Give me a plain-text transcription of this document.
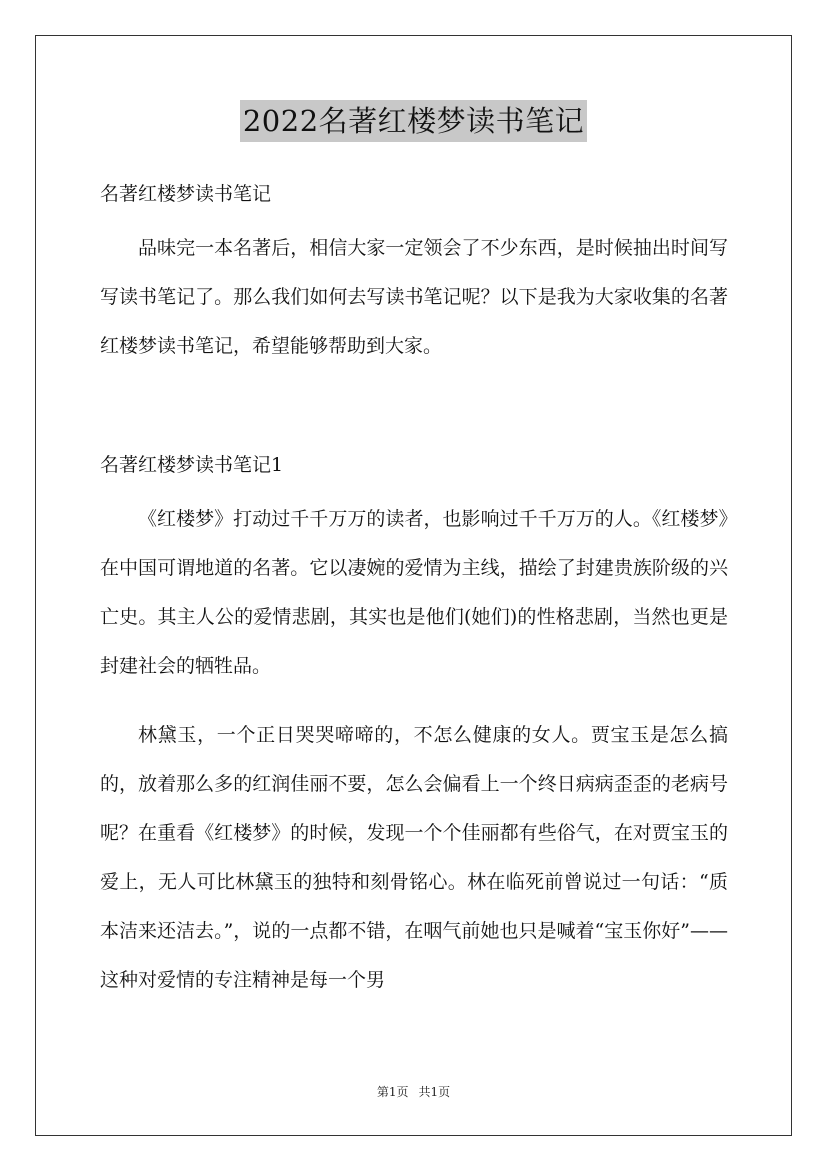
2022名著红楼梦读书笔记
名著红楼梦读书笔记

品味完一本名著后，相信大家一定领会了不少东西，是时候抽出时间写写读书笔记了。那么我们如何去写读书笔记呢？以下是我为大家收集的名著红楼梦读书笔记，希望能够帮助到大家。

名著红楼梦读书笔记1

《红楼梦》打动过千千万万的读者，也影响过千千万万的人。《红楼梦》在中国可谓地道的名著。它以凄婉的爱情为主线，描绘了封建贵族阶级的兴亡史。其主人公的爱情悲剧，其实也是他们(她们)的性格悲剧，当然也更是封建社会的牺牲品。

林黛玉，一个正日哭哭啼啼的，不怎么健康的女人。贾宝玉是怎么搞的，放着那么多的红润佳丽不要，怎么会偏看上一个终日病病歪歪的老病号呢？在重看《红楼梦》的时候，发现一个个佳丽都有些俗气，在对贾宝玉的爱上，无人可比林黛玉的独特和刻骨铭心。林在临死前曾说过一句话：“质本洁来还洁去。”，说的一点都不错，在咽气前她也只是喊着“宝玉你好”——这种对爱情的专注精神是每一个男

第1页 共1页
